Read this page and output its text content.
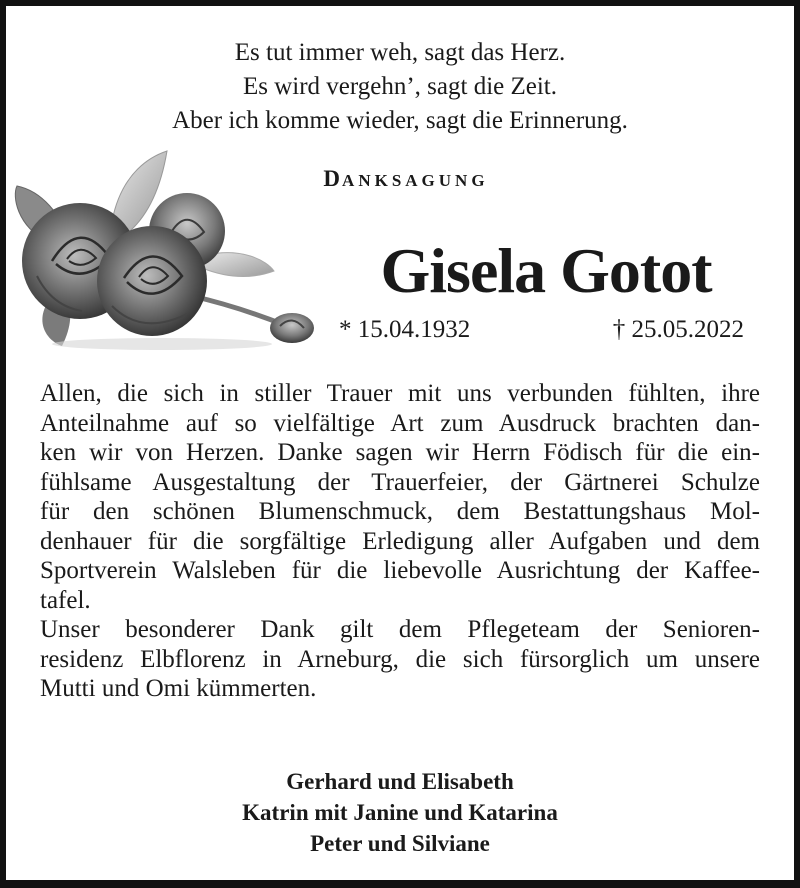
Es tut immer weh, sagt das Herz.
Es wird vergehn’, sagt die Zeit.
Aber ich komme wieder, sagt die Erinnerung.
DANKSAGUNG
Gisela Gotot
* 15.04.1932	† 25.05.2022
Allen, die sich in stiller Trauer mit uns verbunden fühlten, ihre
Anteilnahme auf so vielfältige Art zum Ausdruck brachten dan-
ken wir von Herzen. Danke sagen wir Herrn Födisch für die ein-
fühlsame Ausgestaltung der Trauerfeier, der Gärtnerei Schulze
für den schönen Blumenschmuck, dem Bestattungshaus Mol-
denhauer für die sorgfältige Erledigung aller Aufgaben und dem
Sportverein Walsleben für die liebevolle Ausrichtung der Kaffee-
tafel.
Unser besonderer Dank gilt dem Pflegeteam der Senioren-
residenz Elbflorenz in Arneburg, die sich fürsorglich um unsere
Mutti und Omi kümmerten.
Gerhard und Elisabeth
Katrin mit Janine und Katarina
Peter und Silviane
